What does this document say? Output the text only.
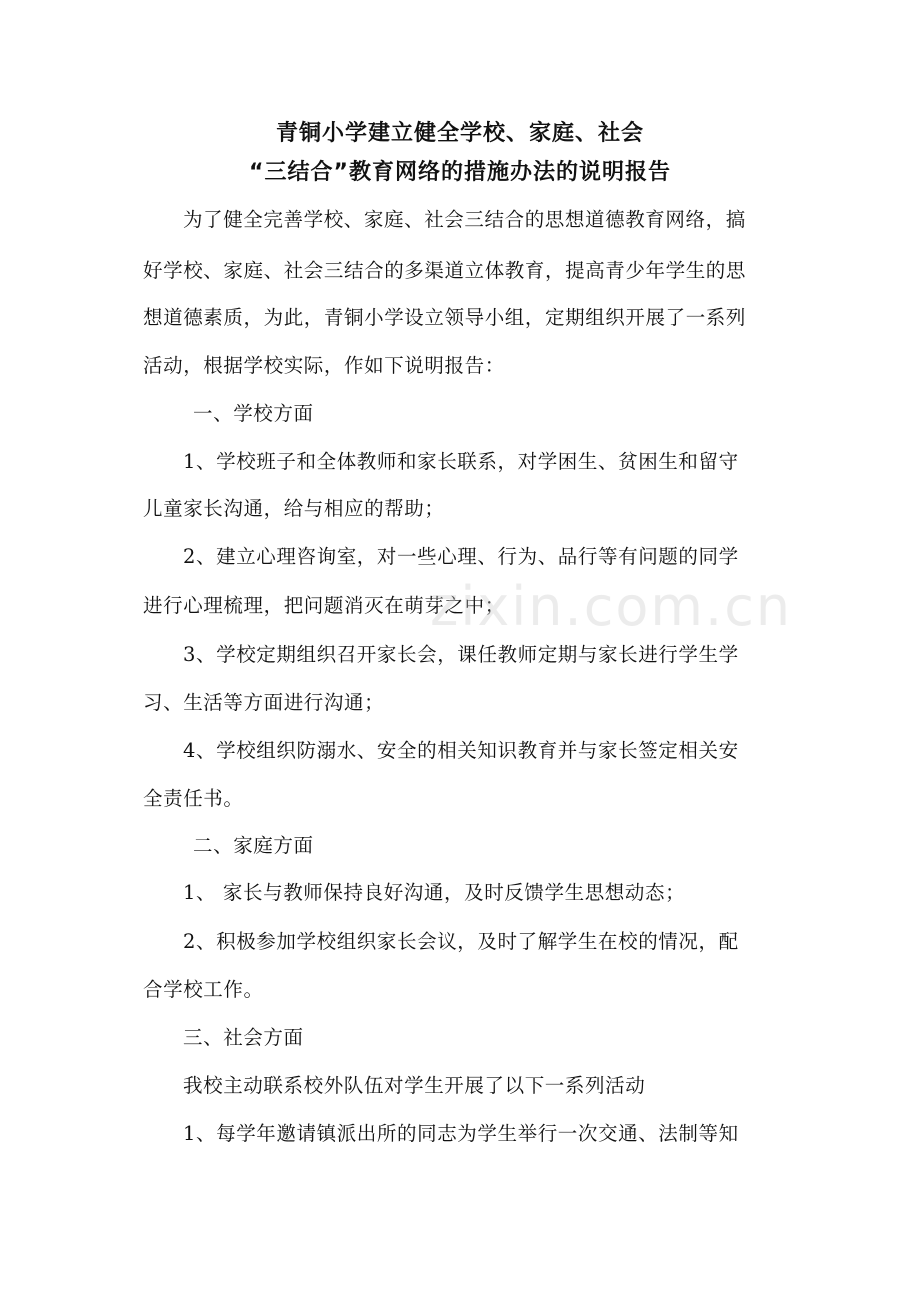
青铜小学建立健全学校、家庭、社会
“三结合”教育网络的措施办法的说明报告
为了健全完善学校、家庭、社会三结合的思想道德教育网络，搞
好学校、家庭、社会三结合的多渠道立体教育，提高青少年学生的思
想道德素质，为此，青铜小学设立领导小组，定期组织开展了一系列
活动，根据学校实际，作如下说明报告：
一、学校方面
1、学校班子和全体教师和家长联系，对学困生、贫困生和留守
儿童家长沟通，给与相应的帮助；
2、建立心理咨询室，对一些心理、行为、品行等有问题的同学
进行心理梳理，把问题消灭在萌芽之中；
3、学校定期组织召开家长会，课任教师定期与家长进行学生学
习、生活等方面进行沟通；
4、学校组织防溺水、安全的相关知识教育并与家长签定相关安
全责任书。
二、家庭方面
1、 家长与教师保持良好沟通，及时反馈学生思想动态；
2、积极参加学校组织家长会议，及时了解学生在校的情况，配
合学校工作。
三、社会方面
我校主动联系校外队伍对学生开展了以下一系列活动
1、每学年邀请镇派出所的同志为学生举行一次交通、法制等知
zixin.com.cn
